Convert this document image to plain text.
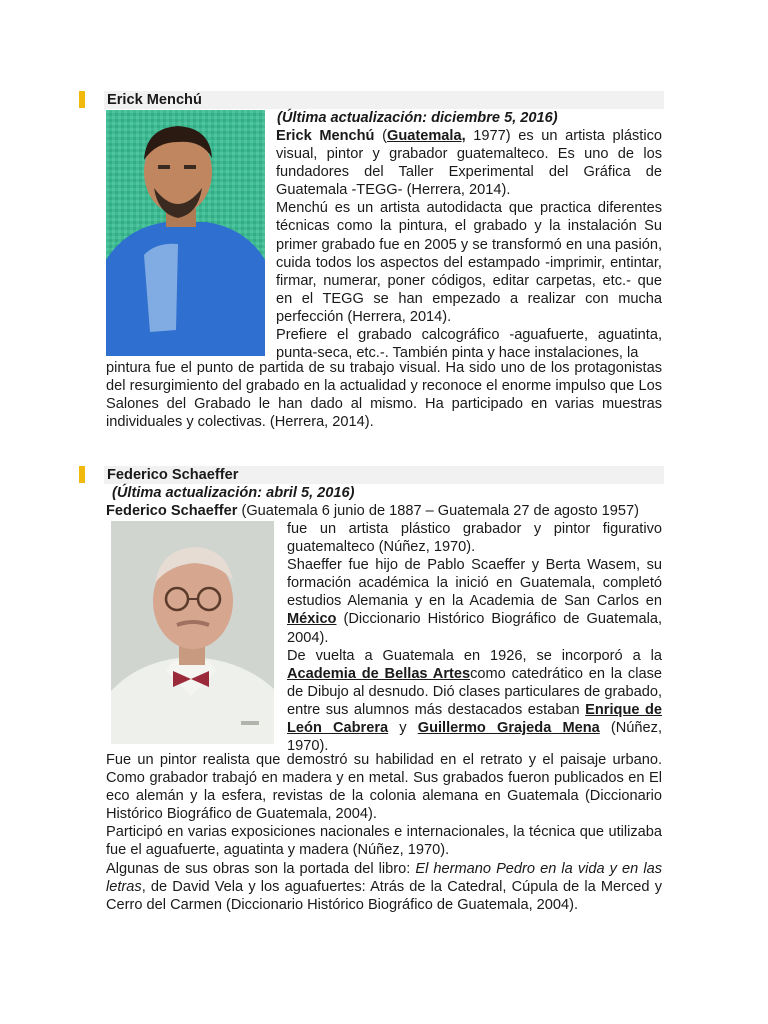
Erick Menchú
(Última actualización: diciembre 5, 2016)

Erick Menchú (Guatemala, 1977) es un artista plástico visual, pintor y grabador guatemalteco. Es uno de los fundadores del Taller Experimental del Gráfica de Guatemala -TEGG- (Herrera, 2014).

Menchú es un artista autodidacta que practica diferentes técnicas como la pintura, el grabado y la instalación Su primer grabado fue en 2005 y se transformó en una pasión, cuida todos los aspectos del estampado -imprimir, entintar, firmar, numerar, poner códigos, editar carpetas, etc.- que en el TEGG se han empezado a realizar con mucha perfección (Herrera, 2014).

Prefiere el grabado calcográfico -aguafuerte, aguatinta, punta-seca, etc.-. También pinta y hace instalaciones, la

pintura fue el punto de partida de su trabajo visual. Ha sido uno de los protagonistas del resurgimiento del grabado en la actualidad y reconoce el enorme impulso que Los Salones del Grabado le han dado al mismo. Ha participado en varias muestras individuales y colectivas. (Herrera, 2014).
Federico Schaeffer
(Última actualización: abril 5, 2016)
Federico Schaeffer (Guatemala 6 junio de 1887 – Guatemala 27 de agosto 1957)

fue un artista plástico grabador y pintor figurativo guatemalteco (Núñez, 1970).

Shaeffer fue hijo de Pablo Scaeffer y Berta Wasem, su formación académica la inició en Guatemala, completó estudios Alemania y en la Academia de San Carlos en México (Diccionario Histórico Biográfico de Guatemala, 2004).

De vuelta a Guatemala en 1926, se incorporó a la Academia de Bellas Artescomo catedrático en la clase de Dibujo al desnudo. Dió clases particulares de grabado, entre sus alumnos más destacados estaban Enrique de León Cabrera y Guillermo Grajeda Mena (Núñez, 1970).

Fue un pintor realista que demostró su habilidad en el retrato y el paisaje urbano. Como grabador trabajó en madera y en metal. Sus grabados fueron publicados en El eco alemán y la esfera, revistas de la colonia alemana en Guatemala (Diccionario Histórico Biográfico de Guatemala, 2004).

Participó en varias exposiciones nacionales e internacionales, la técnica que utilizaba fue el aguafuerte, aguatinta y madera (Núñez, 1970).

Algunas de sus obras son la portada del libro: El hermano Pedro en la vida y en las letras, de David Vela y los aguafuertes: Atrás de la Catedral, Cúpula de la Merced y Cerro del Carmen (Diccionario Histórico Biográfico de Guatemala, 2004).
